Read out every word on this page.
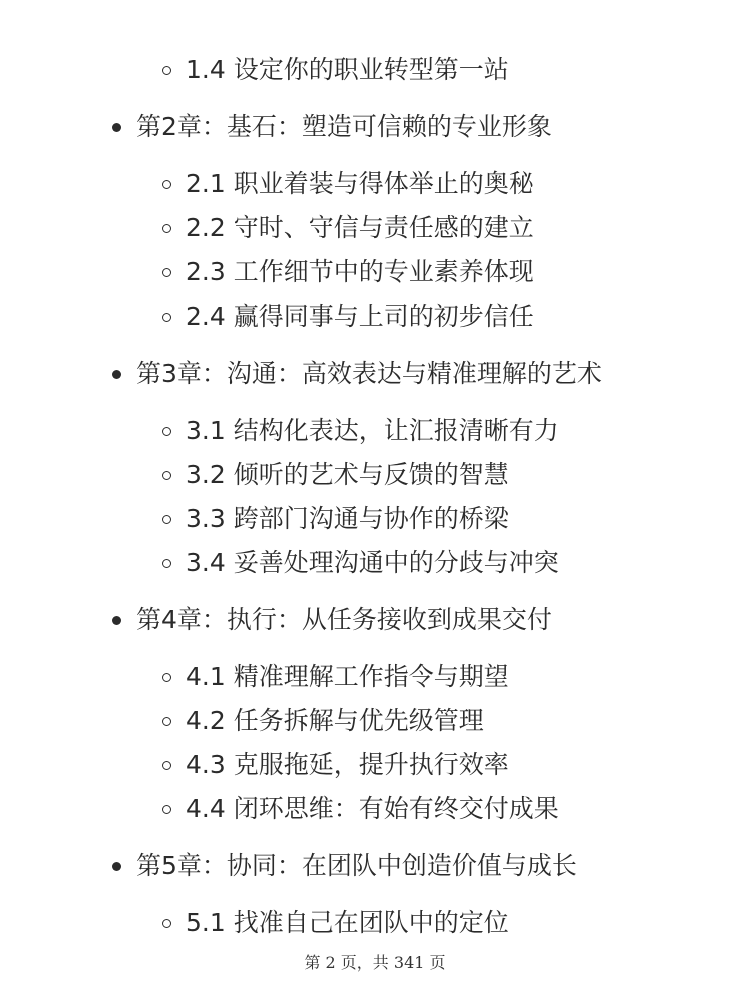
1.4 设定你的职业转型第一站
第2章：基石：塑造可信赖的专业形象
2.1 职业着装与得体举止的奥秘
2.2 守时、守信与责任感的建立
2.3 工作细节中的专业素养体现
2.4 赢得同事与上司的初步信任
第3章：沟通：高效表达与精准理解的艺术
3.1 结构化表达，让汇报清晰有力
3.2 倾听的艺术与反馈的智慧
3.3 跨部门沟通与协作的桥梁
3.4 妥善处理沟通中的分歧与冲突
第4章：执行：从任务接收到成果交付
4.1 精准理解工作指令与期望
4.2 任务拆解与优先级管理
4.3 克服拖延，提升执行效率
4.4 闭环思维：有始有终交付成果
第5章：协同：在团队中创造价值与成长
5.1 找准自己在团队中的定位
第 2 页，共 341 页
